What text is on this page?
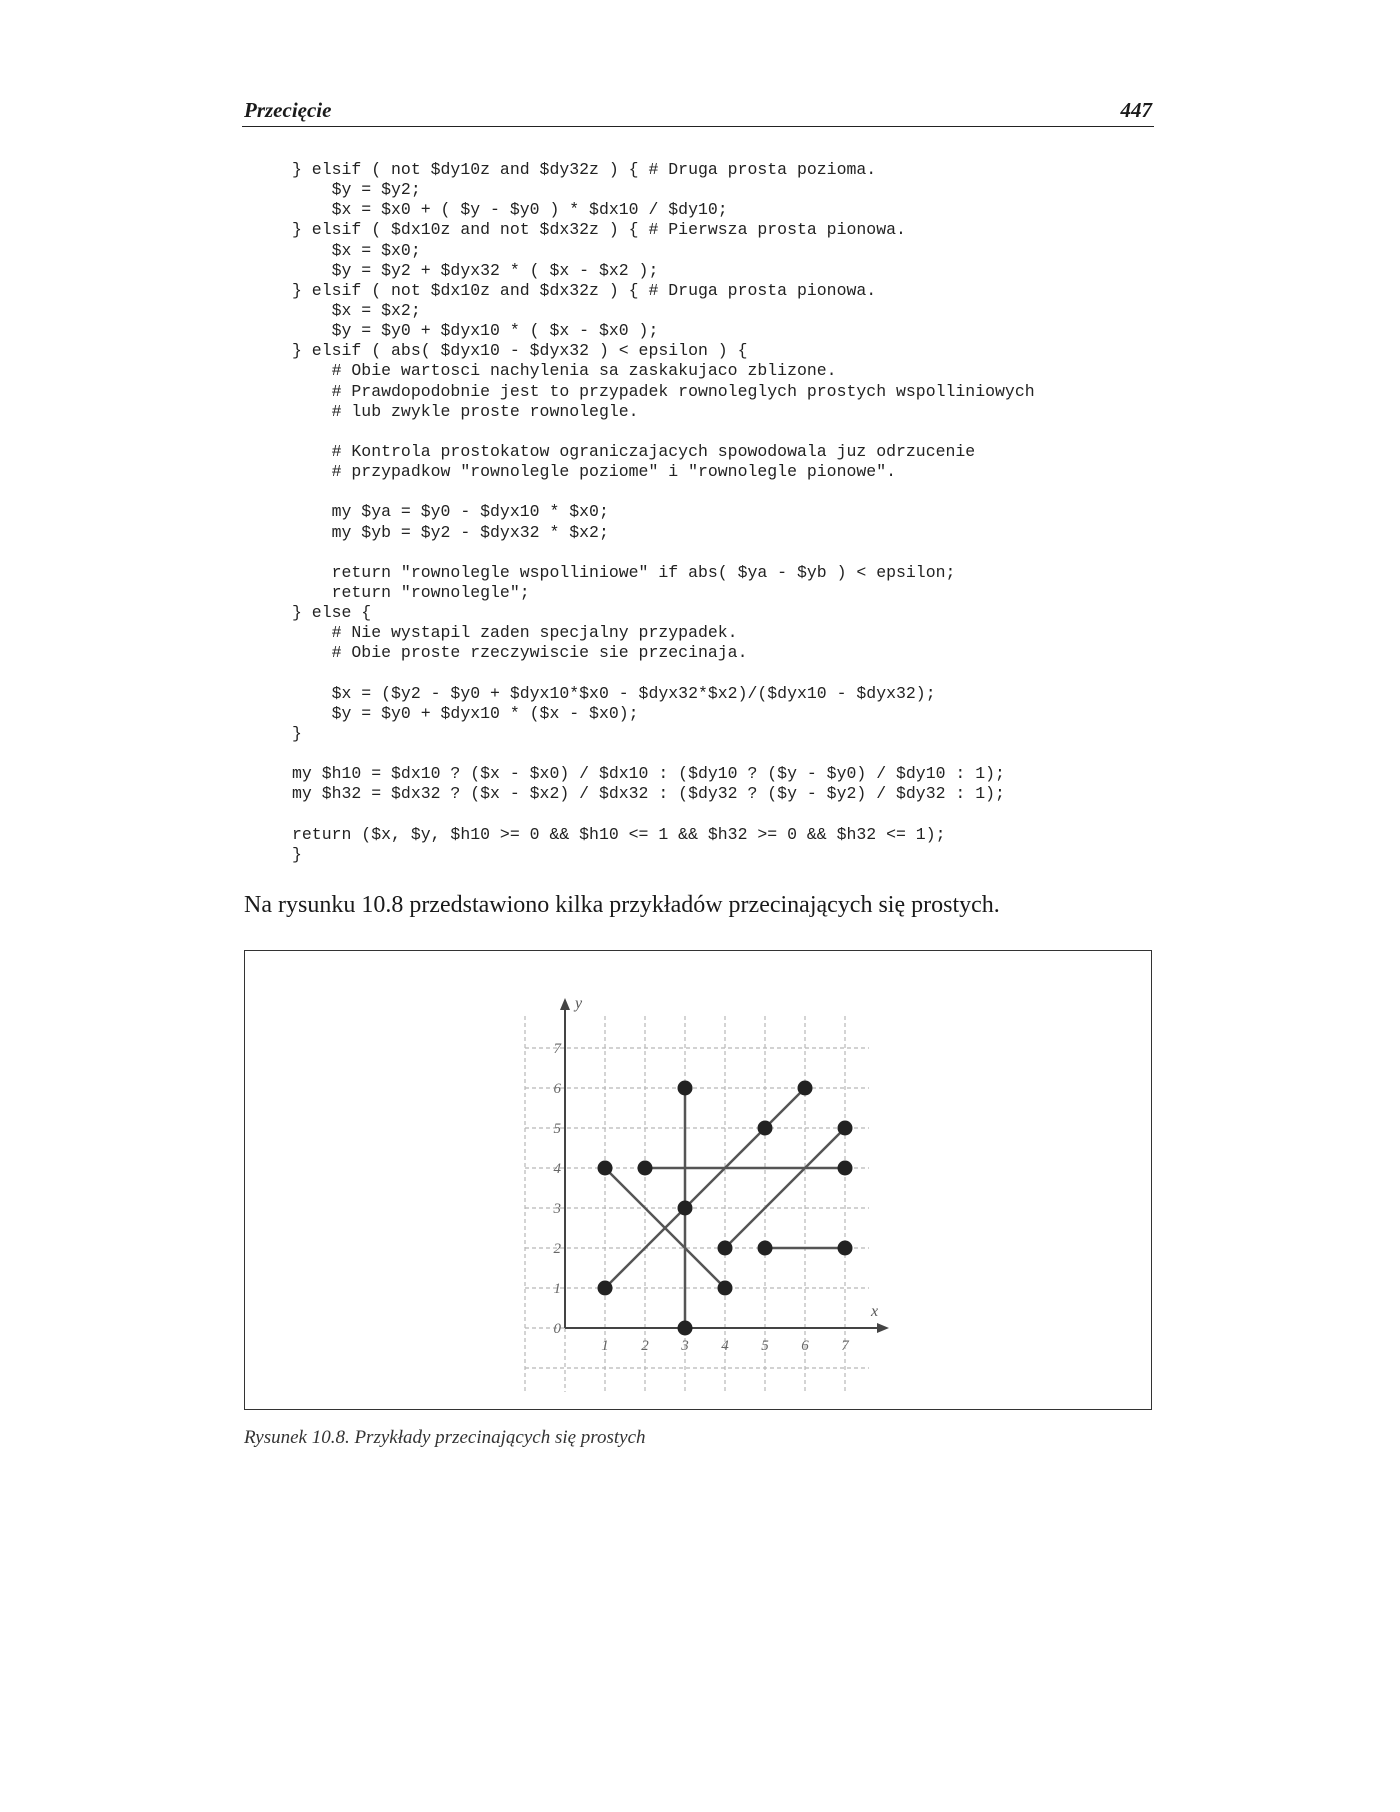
Przecięcie	447
} elsif ( not $dy10z and $dy32z ) { # Druga prosta pozioma.
$y = $y2;
$x = $x0 + ( $y - $y0 ) * $dx10 / $dy10;
} elsif ( $dx10z and not $dx32z ) { # Pierwsza prosta pionowa.
$x = $x0;
$y = $y2 + $dyx32 * ( $x - $x2 );
} elsif ( not $dx10z and $dx32z ) { # Druga prosta pionowa.
$x = $x2;
$y = $y0 + $dyx10 * ( $x - $x0 );
} elsif ( abs( $dyx10 - $dyx32 ) < epsilon ) {
# Obie wartosci nachylenia sa zaskakujaco zblizone.
# Prawdopodobnie jest to przypadek rownoleglych prostych wspolliniowych
# lub zwykle proste rownolegle.

# Kontrola prostokatow ograniczajacych spowodowala juz odrzucenie
# przypadkow "rownolegle poziome" i "rownolegle pionowe".

my $ya = $y0 - $dyx10 * $x0;
my $yb = $y2 - $dyx32 * $x2;

return "rownolegle wspolliniowe" if abs( $ya - $yb ) < epsilon;
return "rownolegle";
} else {
# Nie wystapil zaden specjalny przypadek.
# Obie proste rzeczywiscie sie przecinaja.

$x = ($y2 - $y0 + $dyx10*$x0 - $dyx32*$x2)/($dyx10 - $dyx32);
$y = $y0 + $dyx10 * ($x - $x0);
}

my $h10 = $dx10 ? ($x - $x0) / $dx10 : ($dy10 ? ($y - $y0) / $dy10 : 1);
my $h32 = $dx32 ? ($x - $x2) / $dx32 : ($dy32 ? ($y - $y2) / $dy32 : 1);

return ($x, $y, $h10 >= 0 && $h10 <= 1 && $h32 >= 0 && $h32 <= 1);
}
Na rysunku 10.8 przedstawiono kilka przykładów przecinających się prostych.
x
y
1 2 3 4 5 6 7
0
1
2
3
4
5
6
7
Rysunek 10.8. Przykłady przecinających się prostych
